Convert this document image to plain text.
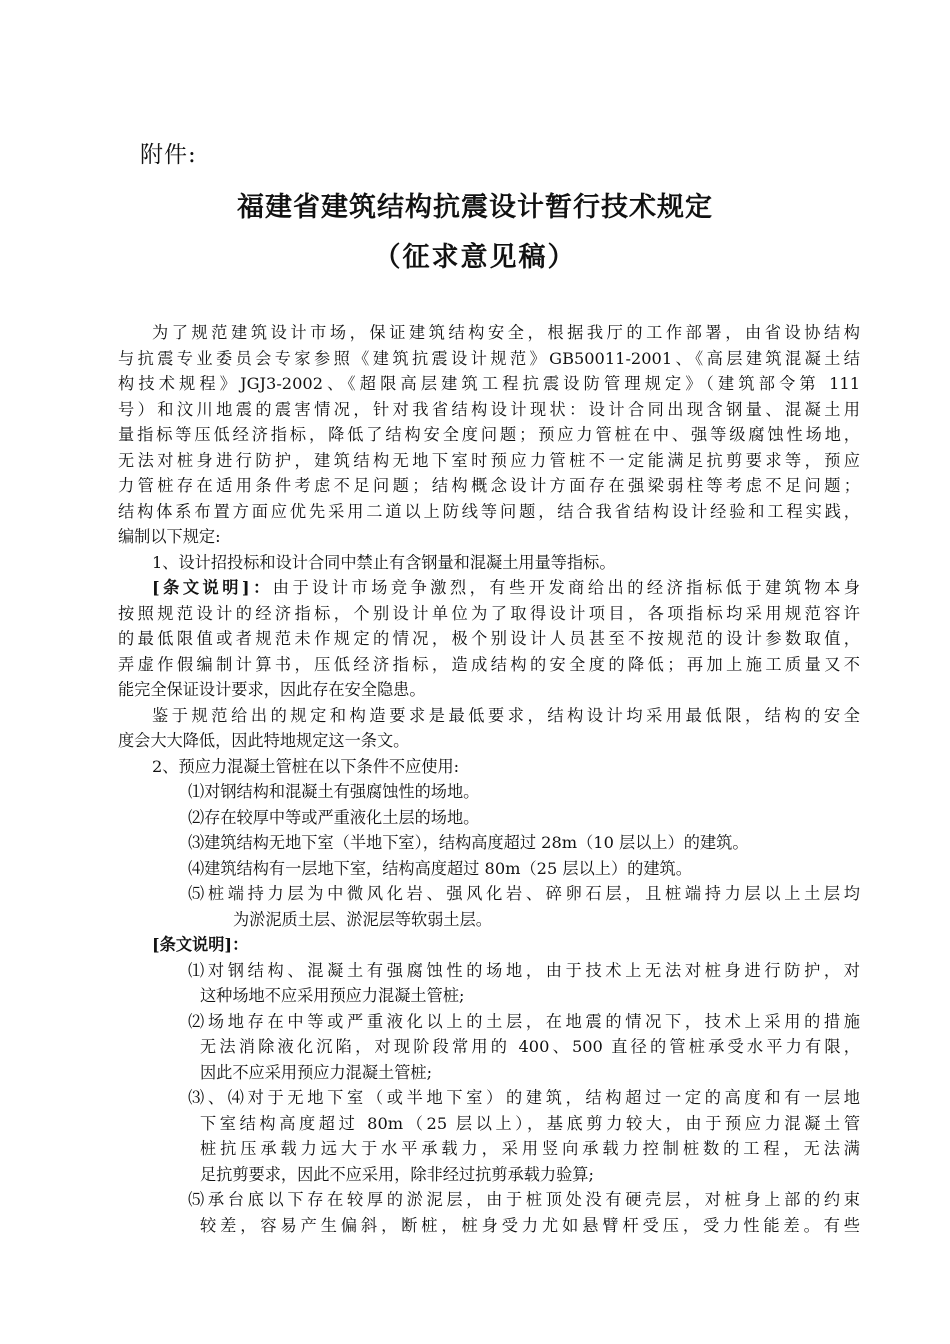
附件:
福建省建筑结构抗震设计暂行技术规定
（征求意见稿）

为了规范建筑设计市场，保证建筑结构安全，根据我厅的工作部署，由省设协结构

与抗震专业委员会专家参照《建筑抗震设计规范》GB50011-2001、《高层建筑混凝土结

构技术规程》JGJ3-2002、《超限高层建筑工程抗震设防管理规定》（建筑部令第 111

号）和汶川地震的震害情况，针对我省结构设计现状：设计合同出现含钢量、混凝土用

量指标等压低经济指标，降低了结构安全度问题；预应力管桩在中、强等级腐蚀性场地，

无法对桩身进行防护，建筑结构无地下室时预应力管桩不一定能满足抗剪要求等，预应

力管桩存在适用条件考虑不足问题；结构概念设计方面存在强梁弱柱等考虑不足问题；

结构体系布置方面应优先采用二道以上防线等问题，结合我省结构设计经验和工程实践，

编制以下规定:

1、设计招投标和设计合同中禁止有含钢量和混凝土用量等指标。

[条文说明]：由于设计市场竞争激烈，有些开发商给出的经济指标低于建筑物本身

按照规范设计的经济指标，个别设计单位为了取得设计项目，各项指标均采用规范容许

的最低限值或者规范未作规定的情况，极个别设计人员甚至不按规范的设计参数取值，

弄虚作假编制计算书，压低经济指标，造成结构的安全度的降低；再加上施工质量又不

能完全保证设计要求，因此存在安全隐患。

鉴于规范给出的规定和构造要求是最低要求，结构设计均采用最低限，结构的安全

度会大大降低，因此特地规定这一条文。

2、预应力混凝土管桩在以下条件不应使用:

⑴对钢结构和混凝土有强腐蚀性的场地。

⑵存在较厚中等或严重液化土层的场地。

⑶建筑结构无地下室（半地下室），结构高度超过 28m（10 层以上）的建筑。

⑷建筑结构有一层地下室，结构高度超过 80m（25 层以上）的建筑。

⑸桩端持力层为中微风化岩、强风化岩、碎卵石层，且桩端持力层以上土层均

为淤泥质土层、淤泥层等软弱土层。

[条文说明]：

⑴对钢结构、混凝土有强腐蚀性的场地，由于技术上无法对桩身进行防护，对

这种场地不应采用预应力混凝土管桩;

⑵场地存在中等或严重液化以上的土层，在地震的情况下，技术上采用的措施

无法消除液化沉陷，对现阶段常用的 400、500 直径的管桩承受水平力有限，

因此不应采用预应力混凝土管桩;

⑶、⑷对于无地下室（或半地下室）的建筑，结构超过一定的高度和有一层地

下室结构高度超过 80m（25 层以上），基底剪力较大，由于预应力混凝土管

桩抗压承载力远大于水平承载力，采用竖向承载力控制桩数的工程，无法满

足抗剪要求，因此不应采用，除非经过抗剪承载力验算;

⑸承台底以下存在较厚的淤泥层，由于桩顶处没有硬壳层，对桩身上部的约束

较差，容易产生偏斜，断桩，桩身受力尤如悬臂杆受压，受力性能差。有些
